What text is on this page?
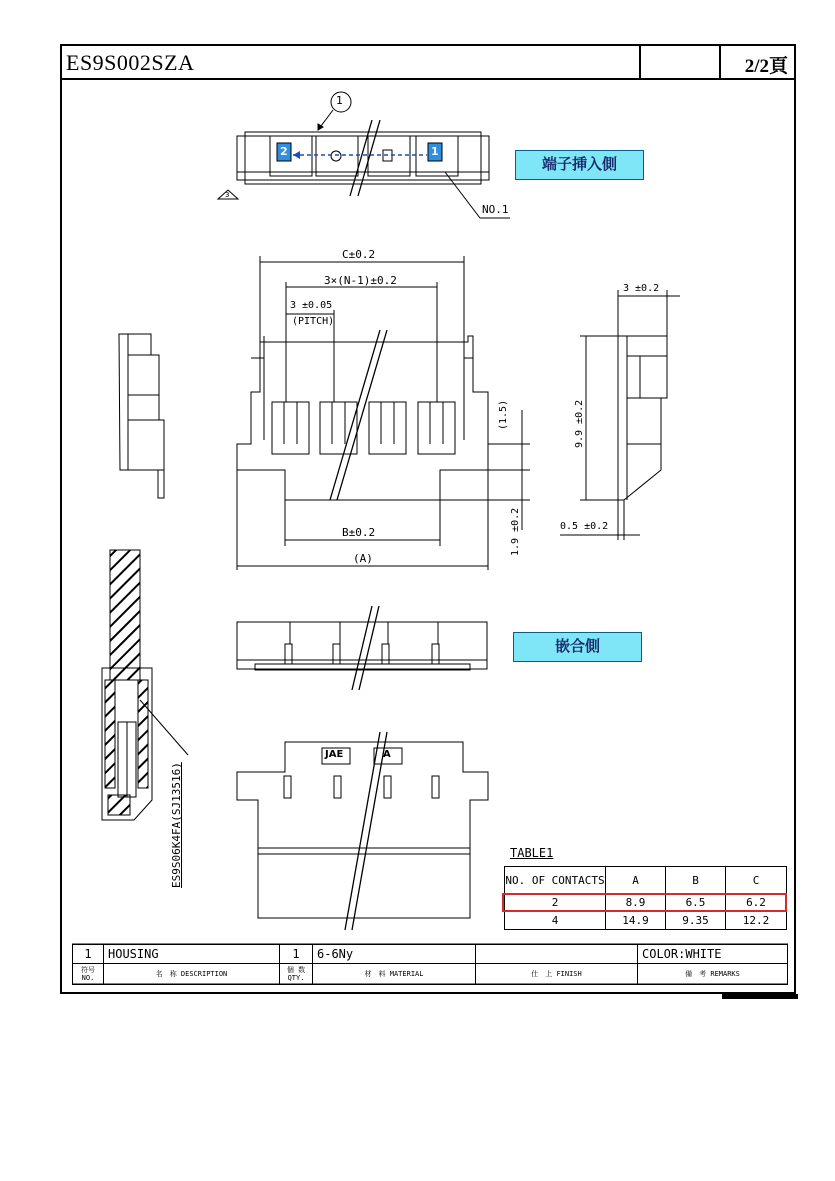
ES9S002SZA	2/2頁
1
3
NO.1
2	1
端子挿入側
嵌合側
C±0.2
3×(N-1)±0.2
3 ±0.05
(PITCH)
B±0.2
(A)
(1.5)
1.9 ±0.2
3 ±0.2
9.9 ±0.2
0.5 ±0.2
ES9S06K4FA(SJ13516)
JAE	A
TABLE1
NO. OF CONTACTS	A	B	C
2	8.9	6.5	6.2
4	14.9	9.35	12.2
1	HOUSING	1	6-6Ny		COLOR:WHITE
符号 NO.	名　称 DESCRIPTION	個 数 QTY.	材　料 MATERIAL	仕　上 FINISH	備　考 REMARKS
